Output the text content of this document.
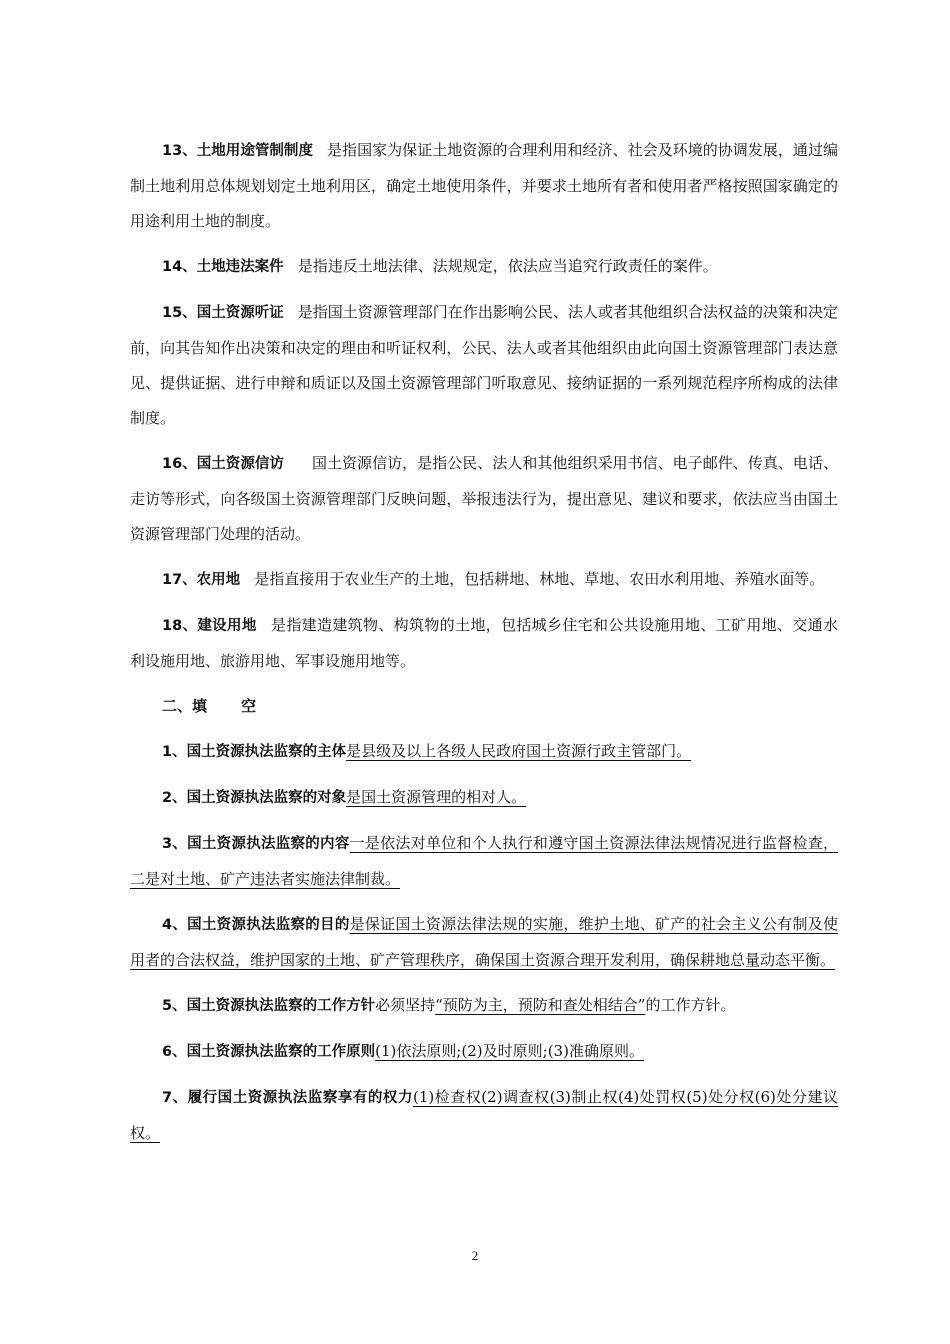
13、土地用途管制制度 是指国家为保证土地资源的合理利用和经济、社会及环境的协调发展，通过编制土地利用总体规划划定土地利用区，确定土地使用条件，并要求土地所有者和使用者严格按照国家确定的用途利用土地的制度。

14、土地违法案件 是指违反土地法律、法规规定，依法应当追究行政责任的案件。

15、国土资源听证 是指国土资源管理部门在作出影响公民、法人或者其他组织合法权益的决策和决定前，向其告知作出决策和决定的理由和听证权利，公民、法人或者其他组织由此向国土资源管理部门表达意见、提供证据、进行申辩和质证以及国土资源管理部门听取意见、接纳证据的一系列规范程序所构成的法律制度。

16、国土资源信访 国土资源信访，是指公民、法人和其他组织采用书信、电子邮件、传真、电话、走访等形式，向各级国土资源管理部门反映问题，举报违法行为，提出意见、建议和要求，依法应当由国土资源管理部门处理的活动。

17、农用地 是指直接用于农业生产的土地，包括耕地、林地、草地、农田水利用地、养殖水面等。

18、建设用地 是指建造建筑物、构筑物的土地，包括城乡住宅和公共设施用地、工矿用地、交通水利设施用地、旅游用地、军事设施用地等。

二、填 空

1、国土资源执法监察的主体是县级及以上各级人民政府国土资源行政主管部门。

2、国土资源执法监察的对象是国土资源管理的相对人。

3、国土资源执法监察的内容一是依法对单位和个人执行和遵守国土资源法律法规情况进行监督检查，二是对土地、矿产违法者实施法律制裁。

4、国土资源执法监察的目的是保证国土资源法律法规的实施，维护土地、矿产的社会主义公有制及使用者的合法权益，维护国家的土地、矿产管理秩序，确保国土资源合理开发利用，确保耕地总量动态平衡。

5、国土资源执法监察的工作方针必须坚持“预防为主，预防和查处相结合”的工作方针。

6、国土资源执法监察的工作原则(1)依法原则;(2)及时原则;(3)准确原则。

7、履行国土资源执法监察享有的权力(1)检查权(2)调查权(3)制止权(4)处罚权(5)处分权(6)处分建议权。

2
